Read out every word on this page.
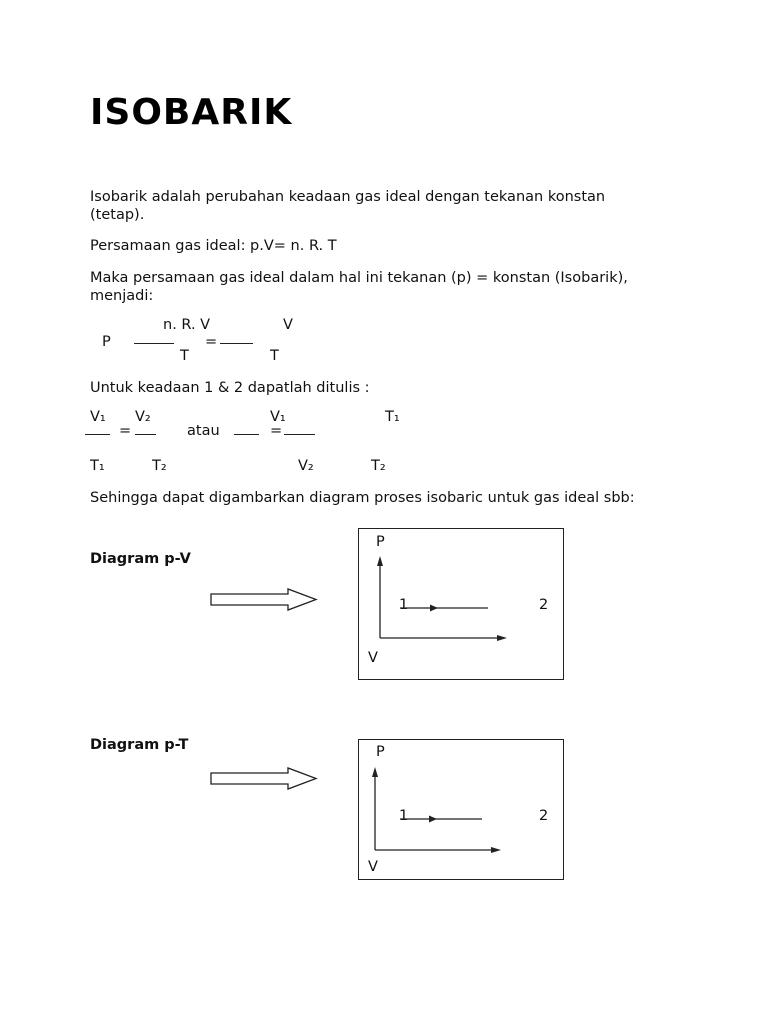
ISOBARIK
Isobarik adalah perubahan keadaan gas ideal dengan tekanan konstan (tetap).
Persamaan gas ideal: p.V= n. R. T
Maka persamaan gas ideal dalam hal ini tekanan (p) = konstan (Isobarik), menjadi:
P
n. R. V
T
=
V
T
Untuk keadaan 1 & 2 dapatlah ditulis :
V₁
T₁
=
V₂
T₂
atau
V₁
V₂
=
T₁
T₂
Sehingga dapat digambarkan diagram proses isobaric untuk gas ideal sbb:
Diagram p-V
P
V
1	2
Diagram p-T	P
V
1	2
